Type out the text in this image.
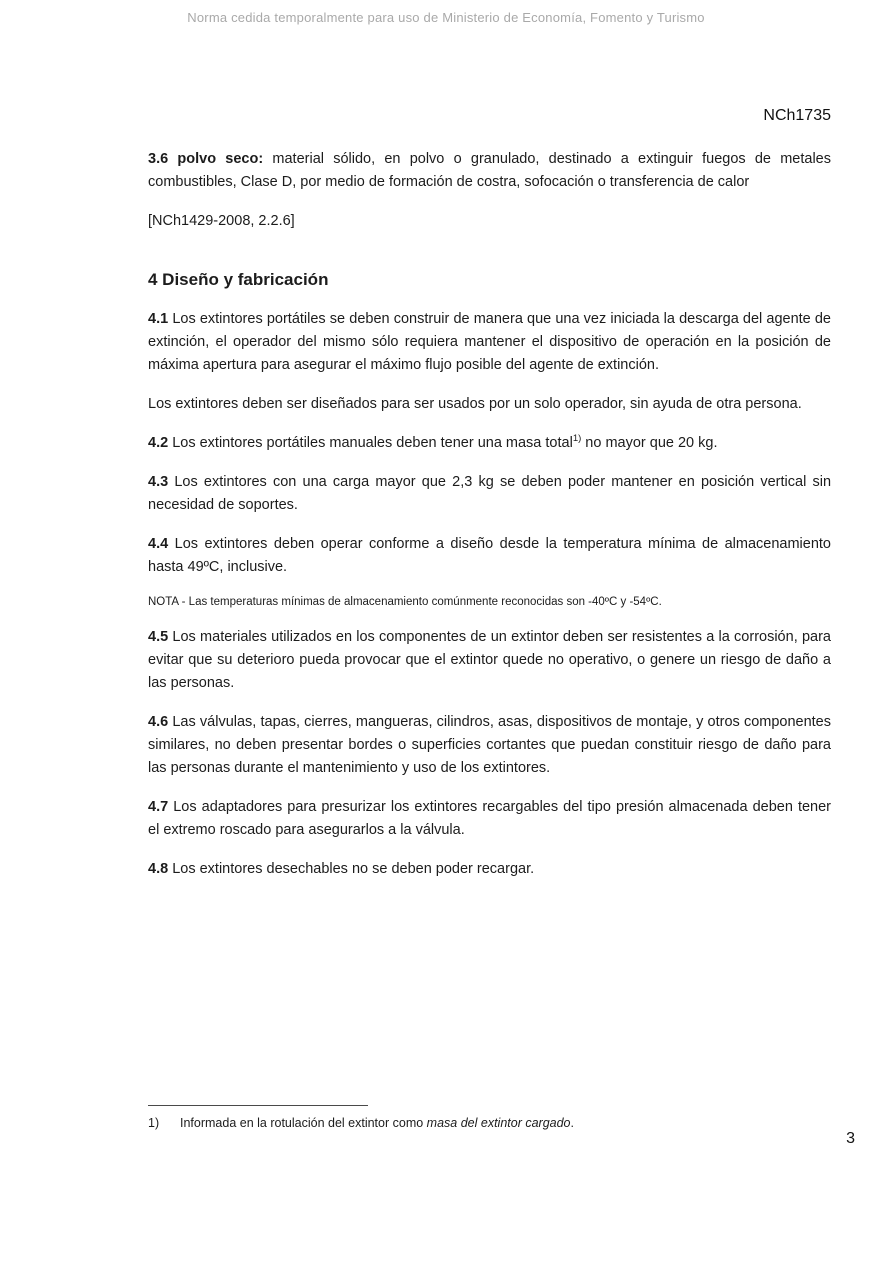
Norma cedida temporalmente para uso de Ministerio de Economía, Fomento y Turismo
NCh1735

3.6 polvo seco: material sólido, en polvo o granulado, destinado a extinguir fuegos de metales combustibles, Clase D, por medio de formación de costra, sofocación o transferencia de calor

[NCh1429-2008, 2.2.6]

4 Diseño y fabricación

4.1 Los extintores portátiles se deben construir de manera que una vez iniciada la descarga del agente de extinción, el operador del mismo sólo requiera mantener el dispositivo de operación en la posición de máxima apertura para asegurar el máximo flujo posible del agente de extinción.

Los extintores deben ser diseñados para ser usados por un solo operador, sin ayuda de otra persona.

4.2 Los extintores portátiles manuales deben tener una masa total$^{1)}$ no mayor que 20 kg.

4.3 Los extintores con una carga mayor que 2,3 kg se deben poder mantener en posición vertical sin necesidad de soportes.

4.4 Los extintores deben operar conforme a diseño desde la temperatura mínima de almacenamiento hasta 49ºC, inclusive.

NOTA - Las temperaturas mínimas de almacenamiento comúnmente reconocidas son -40ºC y -54ºC.

4.5 Los materiales utilizados en los componentes de un extintor deben ser resistentes a la corrosión, para evitar que su deterioro pueda provocar que el extintor quede no operativo, o genere un riesgo de daño a las personas.

4.6 Las válvulas, tapas, cierres, mangueras, cilindros, asas, dispositivos de montaje, y otros componentes similares, no deben presentar bordes o superficies cortantes que puedan constituir riesgo de daño para las personas durante el mantenimiento y uso de los extintores.

4.7 Los adaptadores para presurizar los extintores recargables del tipo presión almacenada deben tener el extremo roscado para asegurarlos a la válvula.

4.8 Los extintores desechables no se deben poder recargar.

1)	Informada en la rotulación del extintor como masa del extintor cargado.
3
